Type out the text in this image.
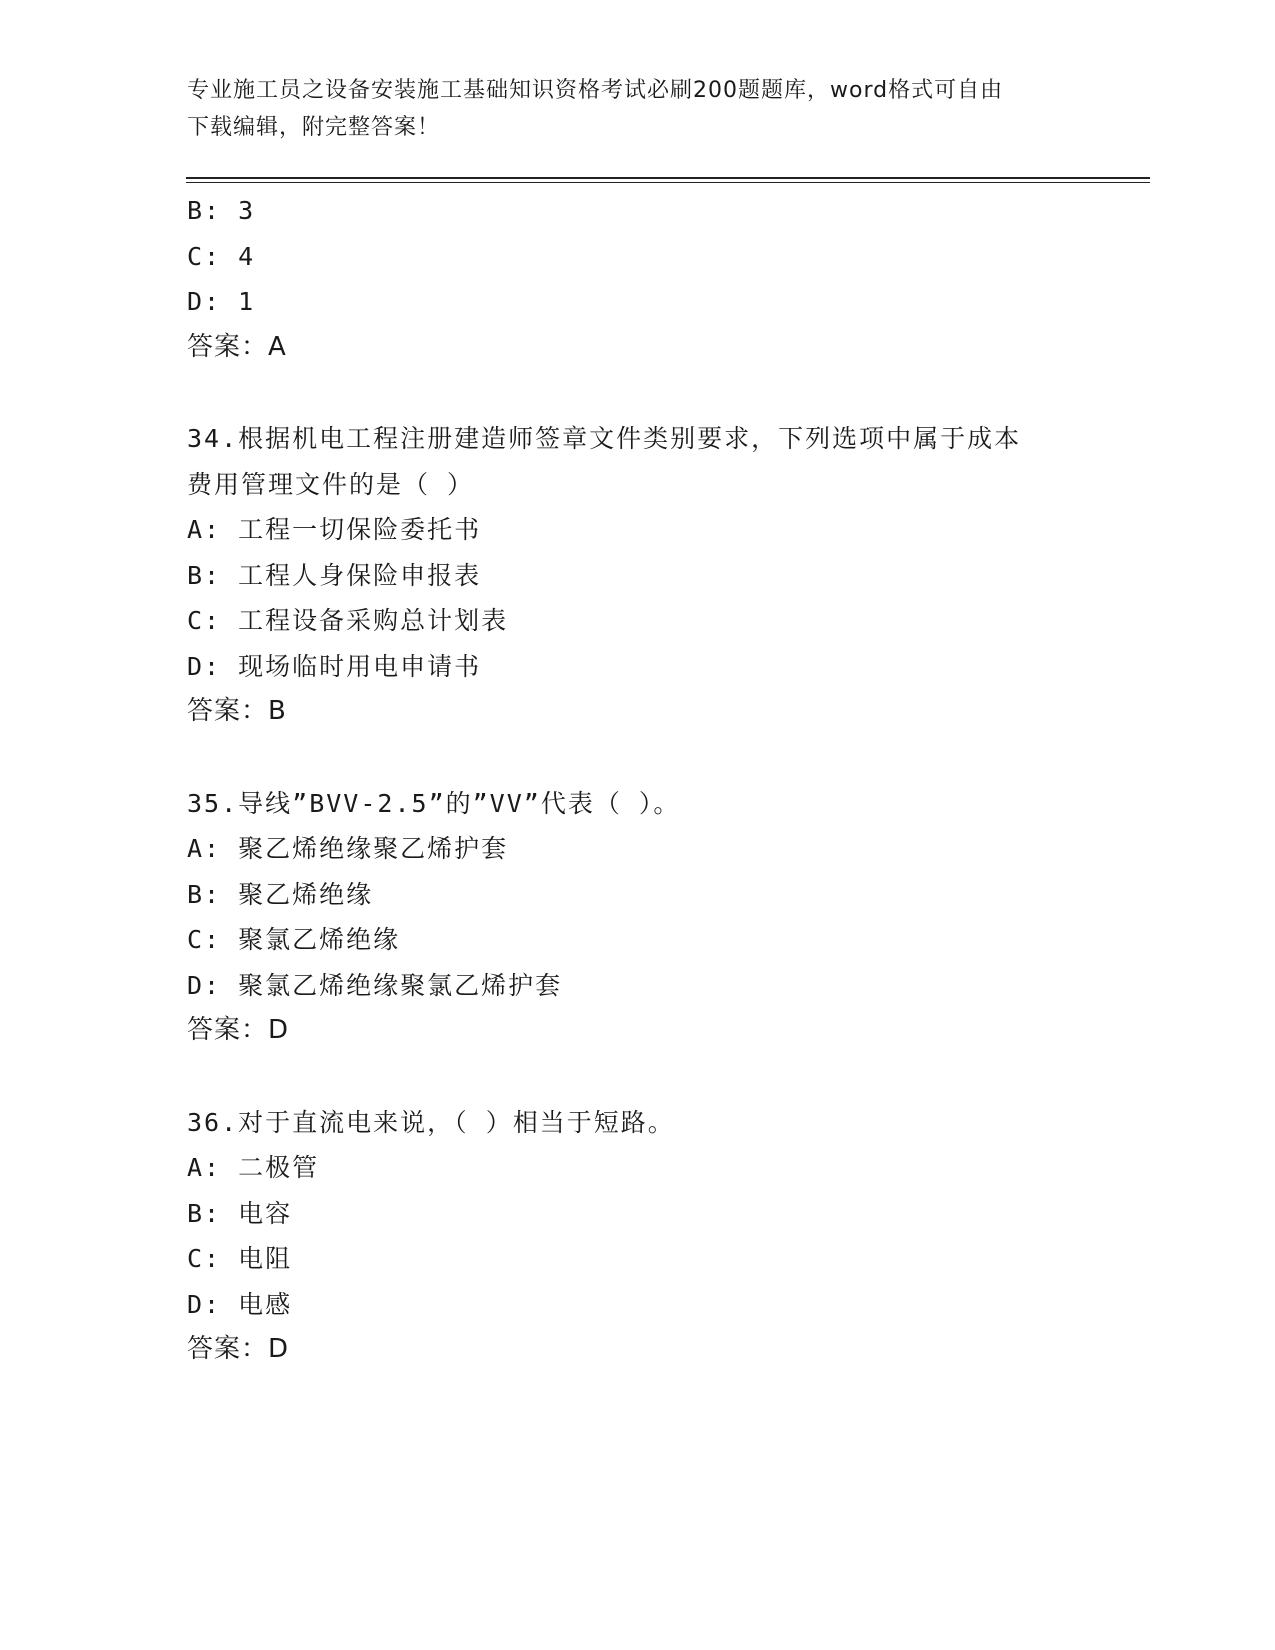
专业施工员之设备安装施工基础知识资格考试必刷200题题库，word格式可自由
下载编辑，附完整答案！
B: 3
C: 4
D: 1
答案：A
34.根据机电工程注册建造师签章文件类别要求，下列选项中属于成本
费用管理文件的是（ ）
A: 工程一切保险委托书
B: 工程人身保险申报表
C: 工程设备采购总计划表
D: 现场临时用电申请书
答案：B
35.导线”BVV-2.5”的”VV”代表（ ）。
A: 聚乙烯绝缘聚乙烯护套
B: 聚乙烯绝缘
C: 聚氯乙烯绝缘
D: 聚氯乙烯绝缘聚氯乙烯护套
答案：D
36.对于直流电来说，（ ）相当于短路。
A: 二极管
B: 电容
C: 电阻
D: 电感
答案：D
